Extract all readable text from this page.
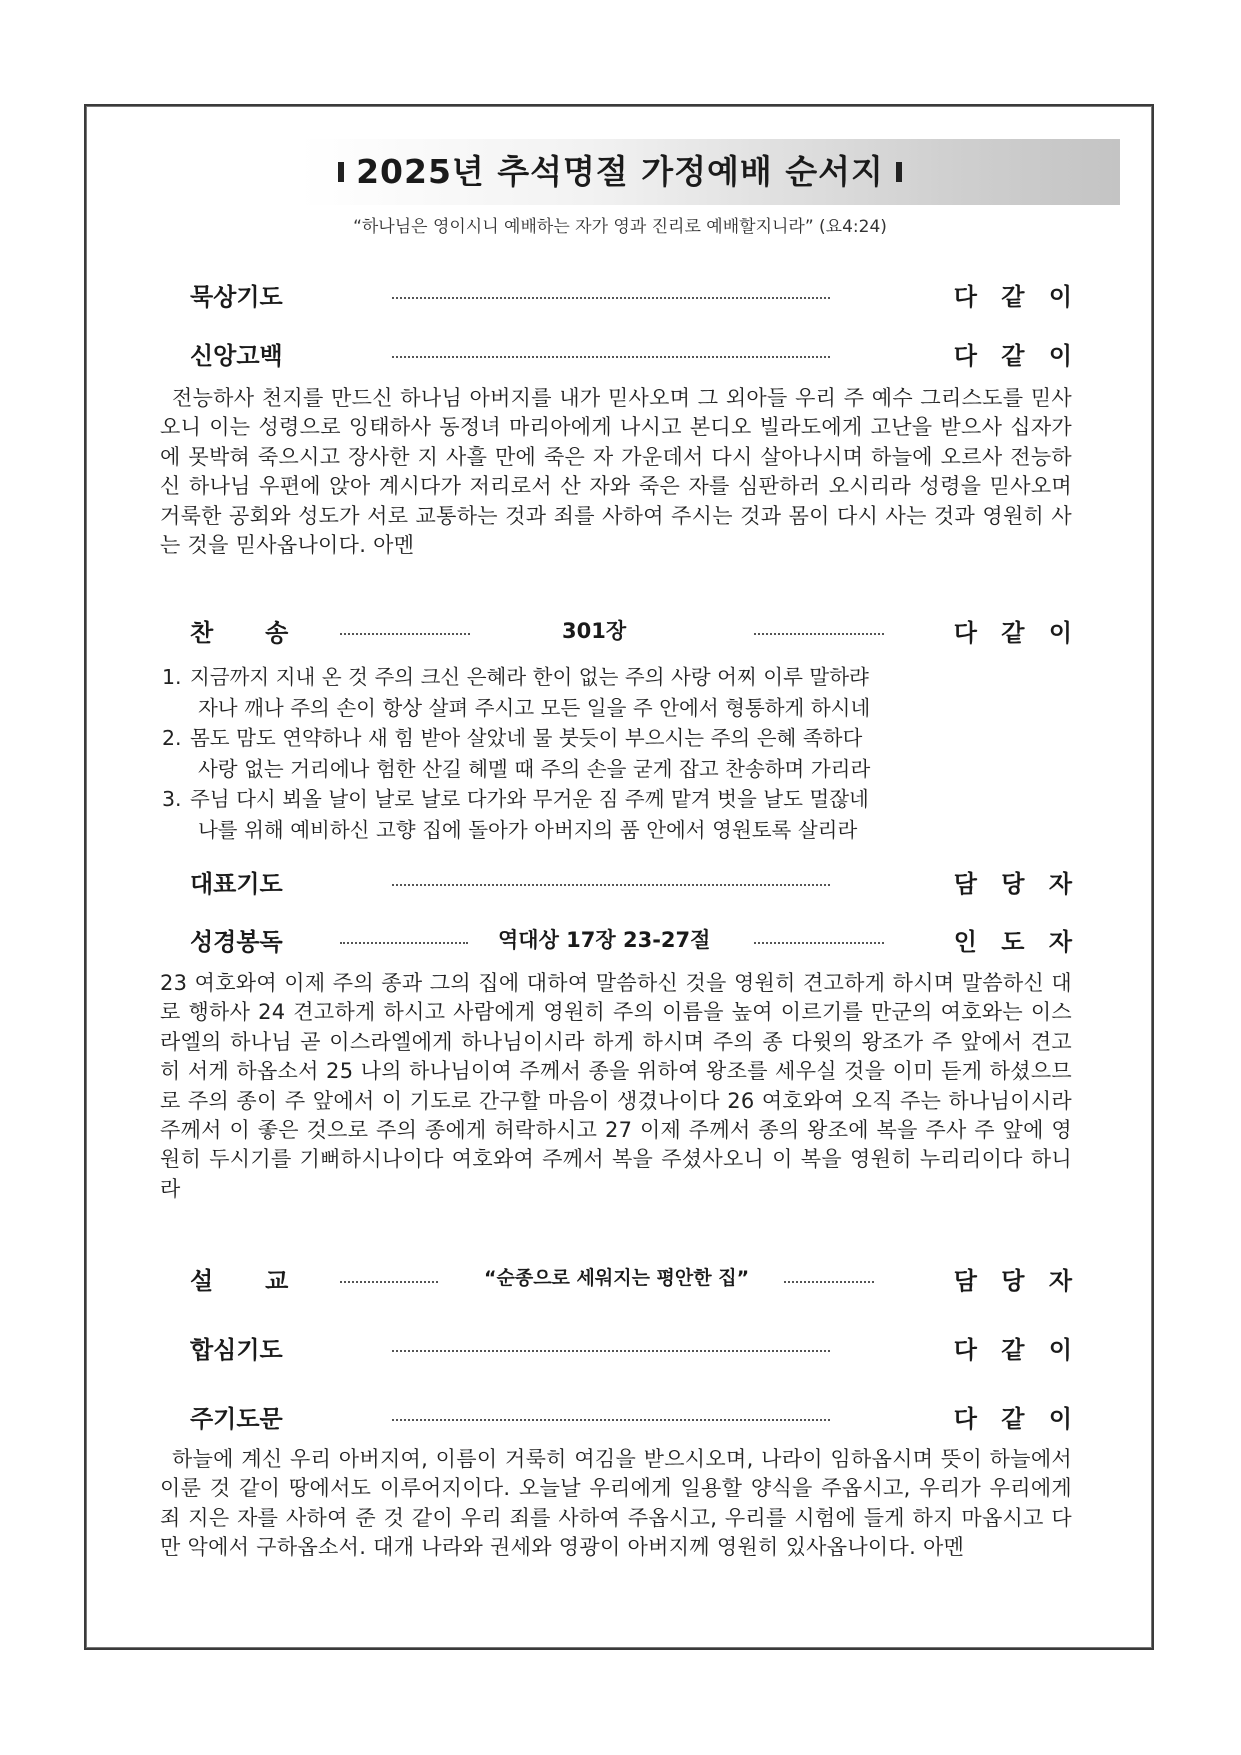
2025년 추석명절 가정예배 순서지
“하나님은 영이시니 예배하는 자가 영과 진리로 예배할지니라” (요4:24)
묵상기도	다 같 이
신앙고백	다 같 이

전능하사 천지를 만드신 하나님 아버지를 내가 믿사오며 그 외아들 우리 주 예수 그리스도를 믿사오니 이는 성령으로 잉태하사 동정녀 마리아에게 나시고 본디오 빌라도에게 고난을 받으사 십자가에 못박혀 죽으시고 장사한 지 사흘 만에 죽은 자 가운데서 다시 살아나시며 하늘에 오르사 전능하신 하나님 우편에 앉아 계시다가 저리로서 산 자와 죽은 자를 심판하러 오시리라 성령을 믿사오며 거룩한 공회와 성도가 서로 교통하는 것과 죄를 사하여 주시는 것과 몸이 다시 사는 것과 영원히 사는 것을 믿사옵나이다. 아멘

찬　송	301장	다 같 이
1. 지금까지 지내 온 것 주의 크신 은혜라 한이 없는 주의 사랑 어찌 이루 말하랴
자나 깨나 주의 손이 항상 살펴 주시고 모든 일을 주 안에서 형통하게 하시네
2. 몸도 맘도 연약하나 새 힘 받아 살았네 물 붓듯이 부으시는 주의 은혜 족하다
사랑 없는 거리에나 험한 산길 헤멜 때 주의 손을 굳게 잡고 찬송하며 가리라
3. 주님 다시 뵈올 날이 날로 날로 다가와 무거운 짐 주께 맡겨 벗을 날도 멀잖네
나를 위해 예비하신 고향 집에 돌아가 아버지의 품 안에서 영원토록 살리라
대표기도	담 당 자
성경봉독	역대상 17장 23-27절	인 도 자

23 여호와여 이제 주의 종과 그의 집에 대하여 말씀하신 것을 영원히 견고하게 하시며 말씀하신 대로 행하사 24 견고하게 하시고 사람에게 영원히 주의 이름을 높여 이르기를 만군의 여호와는 이스라엘의 하나님 곧 이스라엘에게 하나님이시라 하게 하시며 주의 종 다윗의 왕조가 주 앞에서 견고히 서게 하옵소서 25 나의 하나님이여 주께서 종을 위하여 왕조를 세우실 것을 이미 듣게 하셨으므로 주의 종이 주 앞에서 이 기도로 간구할 마음이 생겼나이다 26 여호와여 오직 주는 하나님이시라 주께서 이 좋은 것으로 주의 종에게 허락하시고 27 이제 주께서 종의 왕조에 복을 주사 주 앞에 영원히 두시기를 기뻐하시나이다 여호와여 주께서 복을 주셨사오니 이 복을 영원히 누리리이다 하니라

설　교	“순종으로 세워지는 평안한 집”	담 당 자
합심기도	다 같 이
주기도문	다 같 이

하늘에 계신 우리 아버지여, 이름이 거룩히 여김을 받으시오며, 나라이 임하옵시며 뜻이 하늘에서 이룬 것 같이 땅에서도 이루어지이다. 오늘날 우리에게 일용할 양식을 주옵시고, 우리가 우리에게 죄 지은 자를 사하여 준 것 같이 우리 죄를 사하여 주옵시고, 우리를 시험에 들게 하지 마옵시고 다만 악에서 구하옵소서. 대개 나라와 권세와 영광이 아버지께 영원히 있사옵나이다. 아멘
